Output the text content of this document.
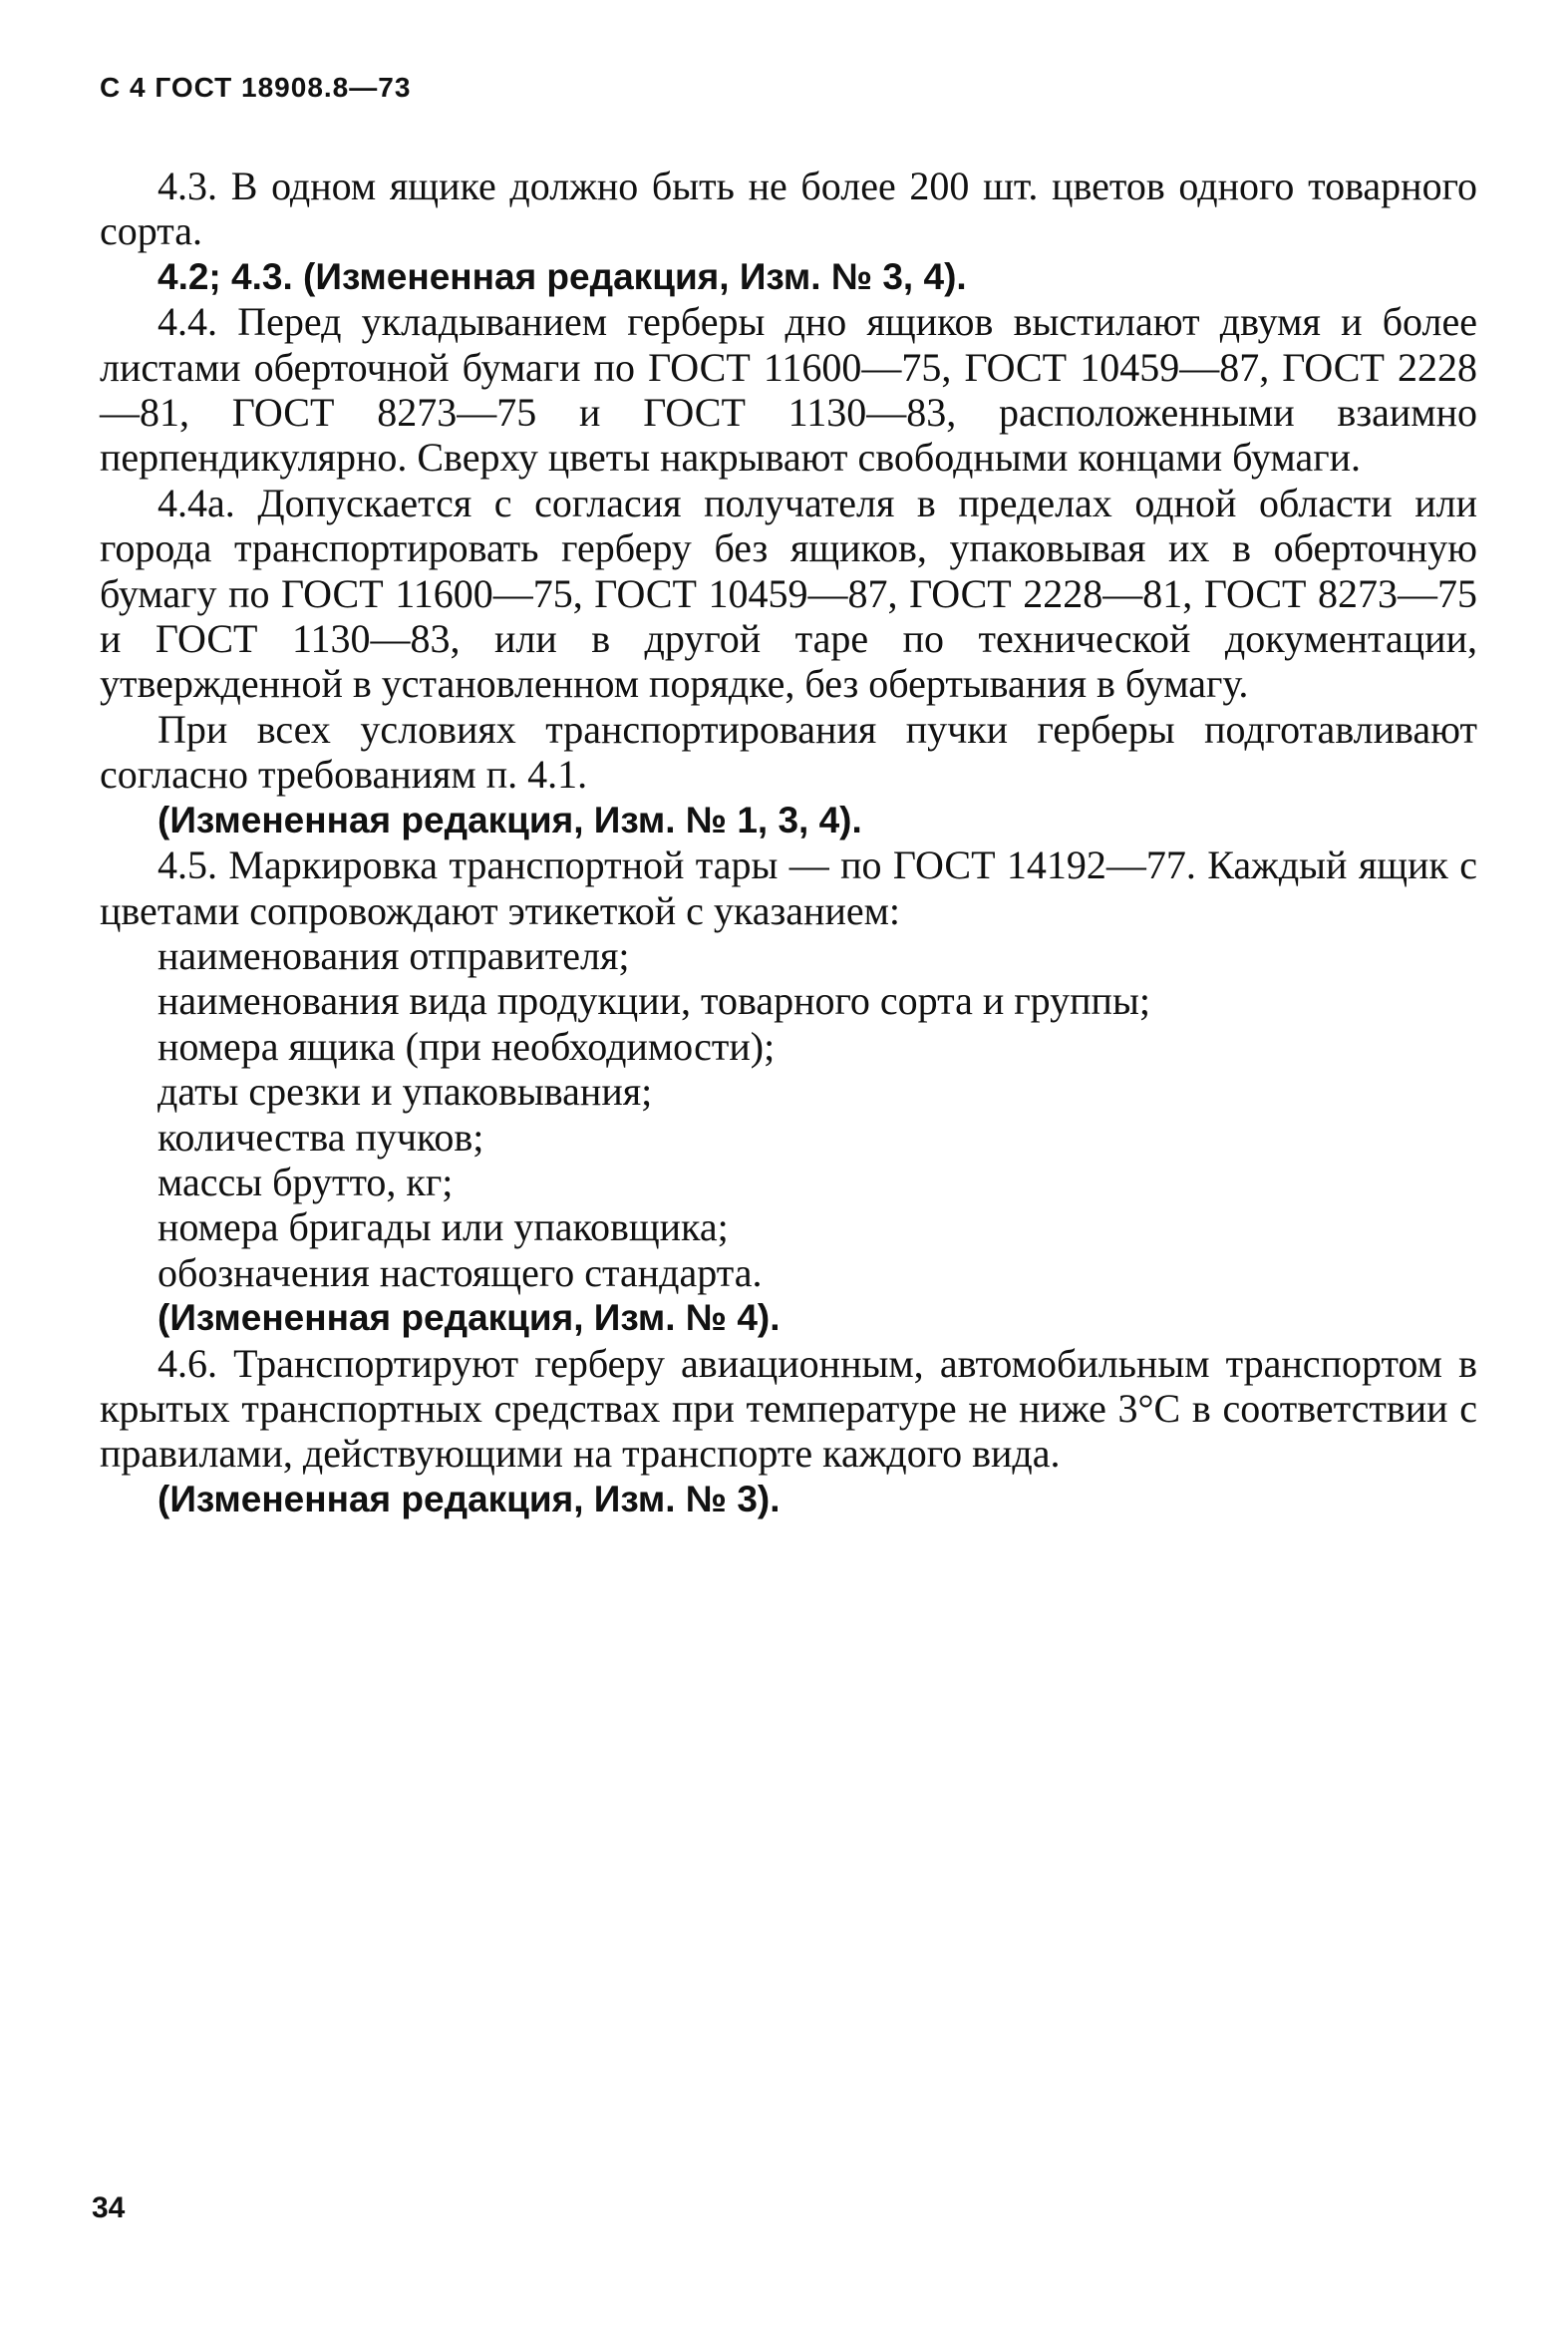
С 4 ГОСТ 18908.8—73

4.3. В одном ящике должно быть не более 200 шт. цветов одного товарного сорта.

4.2; 4.3. (Измененная редакция, Изм. № 3, 4).

4.4. Перед укладыванием герберы дно ящиков выстилают двумя и более листами оберточной бумаги по ГОСТ 11600—75, ГОСТ 10459—87, ГОСТ 2228—81, ГОСТ 8273—75 и ГОСТ 1130—83, расположенными взаимно перпендикулярно. Сверху цветы накрывают свободными концами бумаги.

4.4а. Допускается с согласия получателя в пределах одной области или города транспортировать герберу без ящиков, упаковывая их в оберточную бумагу по ГОСТ 11600—75, ГОСТ 10459—87, ГОСТ 2228—81, ГОСТ 8273—75 и ГОСТ 1130—83, или в другой таре по технической документации, утвержденной в установленном порядке, без обертывания в бумагу.

При всех условиях транспортирования пучки герберы подготавливают согласно требованиям п. 4.1.

(Измененная редакция, Изм. № 1, 3, 4).

4.5. Маркировка транспортной тары — по ГОСТ 14192—77. Каждый ящик с цветами сопровождают этикеткой с указанием:

наименования отправителя;

наименования вида продукции, товарного сорта и группы;

номера ящика (при необходимости);

даты срезки и упаковывания;

количества пучков;

массы брутто, кг;

номера бригады или упаковщика;

обозначения настоящего стандарта.

(Измененная редакция, Изм. № 4).

4.6. Транспортируют герберу авиационным, автомобильным транспортом в крытых транспортных средствах при температуре не ниже 3°С в соответствии с правилами, действующими на транспорте каждого вида.

(Измененная редакция, Изм. № 3).

34
